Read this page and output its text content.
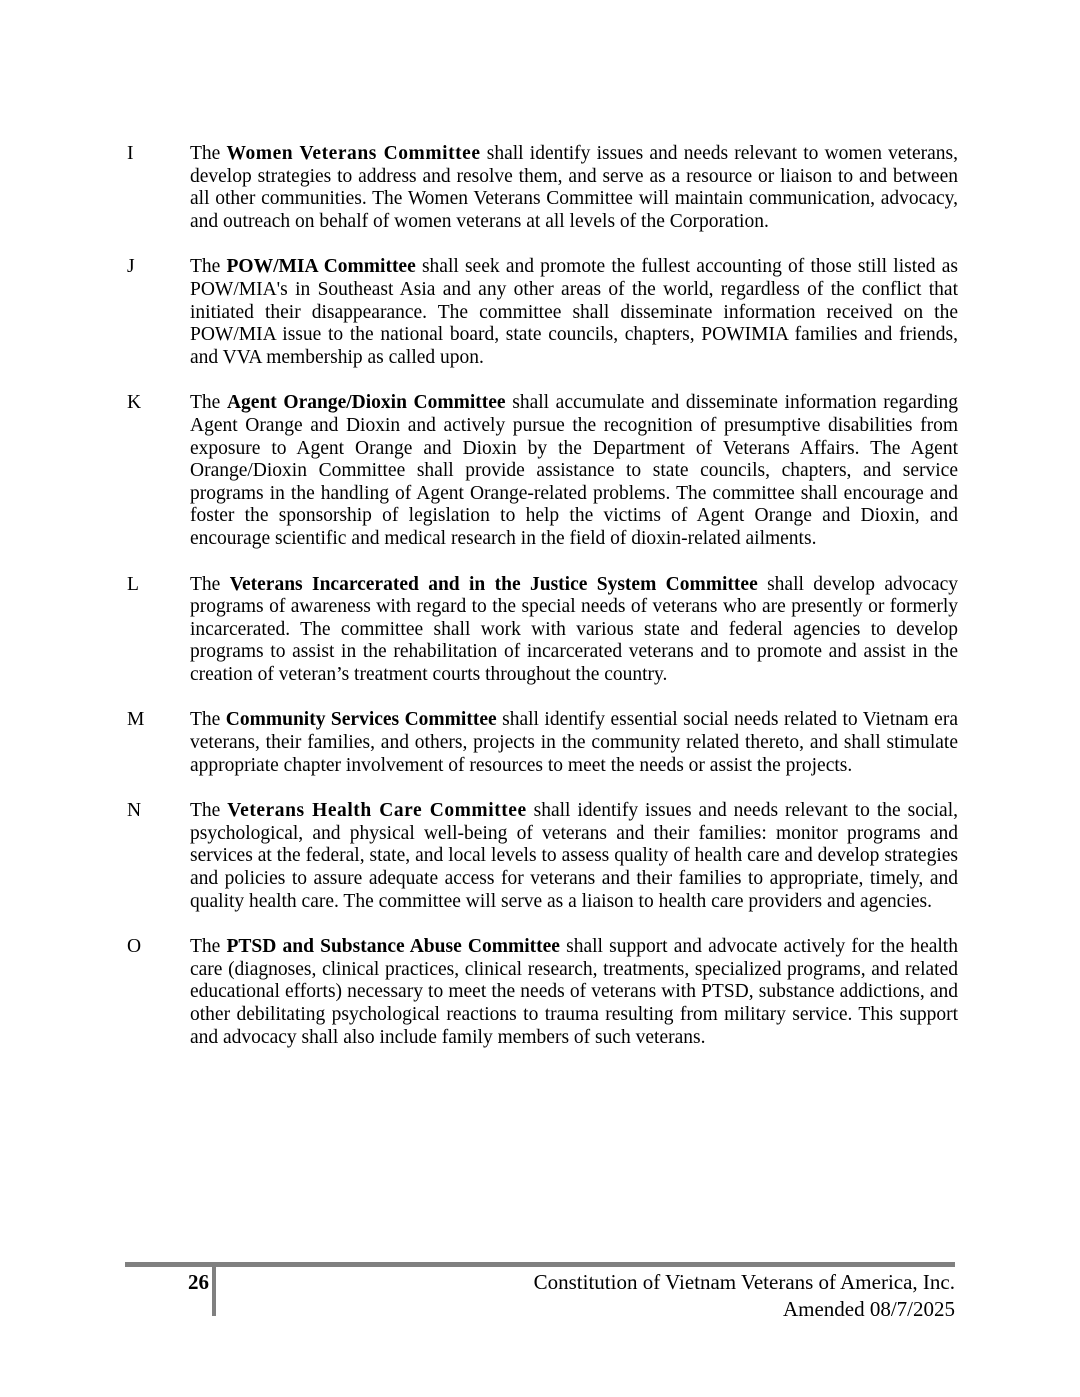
I	The Women Veterans Committee shall identify issues and needs relevant to women veterans, develop strategies to address and resolve them, and serve as a resource or liaison to and between all other communities. The Women Veterans Committee will maintain communication, advocacy, and outreach on behalf of women veterans at all levels of the Corporation.
J	The POW/MIA Committee shall seek and promote the fullest accounting of those still listed as POW/MIA's in Southeast Asia and any other areas of the world, regardless of the conflict that initiated their disappearance. The committee shall disseminate information received on the POW/MIA issue to the national board, state councils, chapters, POWIMIA families and friends, and VVA membership as called upon.
K	The Agent Orange/Dioxin Committee shall accumulate and disseminate information regarding Agent Orange and Dioxin and actively pursue the recognition of presumptive disabilities from exposure to Agent Orange and Dioxin by the Department of Veterans Affairs. The Agent Orange/Dioxin Committee shall provide assistance to state councils, chapters, and service programs in the handling of Agent Orange-related problems. The committee shall encourage and foster the sponsorship of legislation to help the victims of Agent Orange and Dioxin, and encourage scientific and medical research in the field of dioxin-related ailments.
L	The Veterans Incarcerated and in the Justice System Committee shall develop advocacy programs of awareness with regard to the special needs of veterans who are presently or formerly incarcerated. The committee shall work with various state and federal agencies to develop programs to assist in the rehabilitation of incarcerated veterans and to promote and assist in the creation of veteran’s treatment courts throughout the country.
M	The Community Services Committee shall identify essential social needs related to Vietnam era veterans, their families, and others, projects in the community related thereto, and shall stimulate appropriate chapter involvement of resources to meet the needs or assist the projects.
N	The Veterans Health Care Committee shall identify issues and needs relevant to the social, psychological, and physical well-being of veterans and their families: monitor programs and services at the federal, state, and local levels to assess quality of health care and develop strategies and policies to assure adequate access for veterans and their families to appropriate, timely, and quality health care. The committee will serve as a liaison to health care providers and agencies.
O	The PTSD and Substance Abuse Committee shall support and advocate actively for the health care (diagnoses, clinical practices, clinical research, treatments, specialized programs, and related educational efforts) necessary to meet the needs of veterans with PTSD, substance addictions, and other debilitating psychological reactions to trauma resulting from military service. This support and advocacy shall also include family members of such veterans.
26	Constitution of Vietnam Veterans of America, Inc.
Amended 08/7/2025
